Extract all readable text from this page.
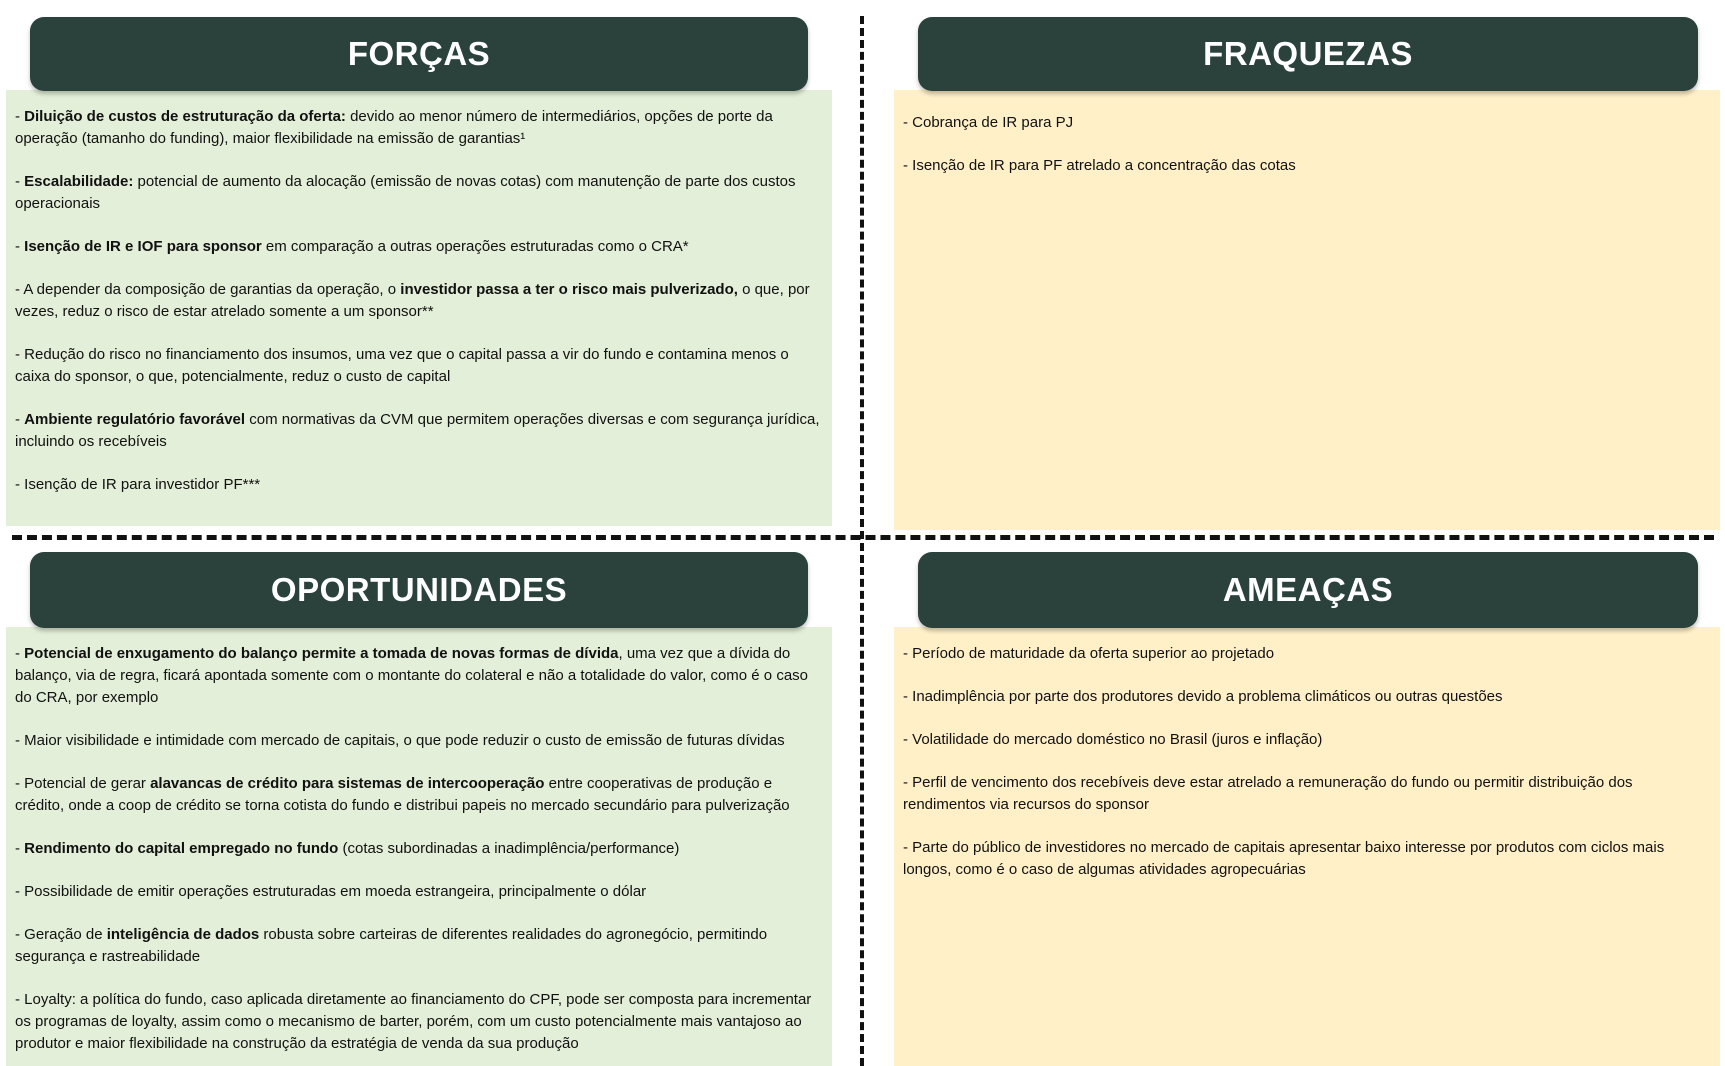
- Diluição de custos de estruturação da oferta: devido ao menor número de intermediários, opções de porte da operação (tamanho do funding), maior flexibilidade na emissão de garantias¹
- Escalabilidade: potencial de aumento da alocação (emissão de novas cotas) com manutenção de parte dos custos operacionais
- Isenção de IR e IOF para sponsor em comparação a outras operações estruturadas como o CRA*
- A depender da composição de garantias da operação, o investidor passa a ter o risco mais pulverizado, o que, por vezes, reduz o risco de estar atrelado somente a um sponsor**
- Redução do risco no financiamento dos insumos, uma vez que o capital passa a vir do fundo e contamina menos o caixa do sponsor, o que, potencialmente, reduz o custo de capital
- Ambiente regulatório favorável com normativas da CVM que permitem operações diversas e com segurança jurídica, incluindo os recebíveis
- Isenção de IR para investidor PF***
FORÇAS
- Cobrança de IR para PJ
- Isenção de IR para PF atrelado a concentração das cotas
FRAQUEZAS
- Potencial de enxugamento do balanço permite a tomada de novas formas de dívida, uma vez que a dívida do balanço, via de regra, ficará apontada somente com o montante do colateral e não a totalidade do valor, como é o caso do CRA, por exemplo
- Maior visibilidade e intimidade com mercado de capitais, o que pode reduzir o custo de emissão de futuras dívidas
- Potencial de gerar alavancas de crédito para sistemas de intercooperação entre cooperativas de produção e crédito, onde a coop de crédito se torna cotista do fundo e distribui papeis no mercado secundário para pulverização
- Rendimento do capital empregado no fundo (cotas subordinadas a inadimplência/performance)
- Possibilidade de emitir operações estruturadas em moeda estrangeira, principalmente o dólar
- Geração de inteligência de dados robusta sobre carteiras de diferentes realidades do agronegócio, permitindo segurança e rastreabilidade
- Loyalty: a política do fundo, caso aplicada diretamente ao financiamento do CPF, pode ser composta para incrementar os programas de loyalty, assim como o mecanismo de barter, porém, com um custo potencialmente mais vantajoso ao produtor e maior flexibilidade na construção da estratégia de venda da sua produção
OPORTUNIDADES
- Período de maturidade da oferta superior ao projetado
- Inadimplência por parte dos produtores devido a problema climáticos ou outras questões
- Volatilidade do mercado doméstico no Brasil (juros e inflação)
- Perfil de vencimento dos recebíveis deve estar atrelado a remuneração do fundo ou permitir distribuição dos rendimentos via recursos do sponsor
- Parte do público de investidores no mercado de capitais apresentar baixo interesse por produtos com ciclos mais longos, como é o caso de algumas atividades agropecuárias
AMEAÇAS
